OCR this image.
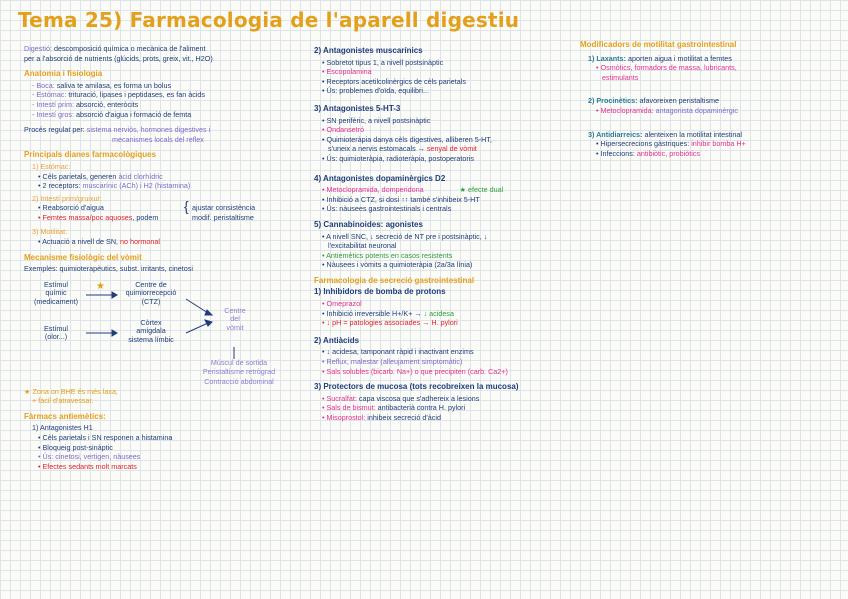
Tema 25) Farmacologia de l'aparell digestiu
Digestió: descomposició química o mecànica de l'aliment
per a l'absorció de nutrients (glúcids, prots, greix, vit., H2O)
Anatomia i fisiologia
- Boca: saliva te amilasa, es forma un bolus
- Estómac: trituració, lipases i peptidases, es fan àcids
- Intestí prim: absorció, enteròcits
- Intestí gros: absorció d'aigua i formació de femta
Procés regulat per: sistema nerviós, hormones digestives i
mecanismes locals del reflex
Principals dianes farmacològiques
1) Estómac:
• Cèls parietals, generen àcid clorhídric
• 2 receptors: muscarínic (ACh) i H2 (histamina)
2) Intestí prim/gruixut:
• Reabsorció d'aigua
• Femtes massa/poc aquoses, podem
ajustar consistència
modif. peristaltisme
{
3) Motilitat:
• Actuació a nivell de SN, no hormonal
Mecanisme fisiològic del vòmit
Exemples: quimioterapèutics, subst. irritants, cinetosi
★
Estímul
químic
(medicament)
Centre de
quimiorrecepció
(CTZ)
Estímul
(olor...)
Còrtex
amígdala
sistema límbic
Centre
del
vòmit
Múscul de sortida
Peristaltisme retrògrad
Contracció abdominal
★ Zona on BHE és més laxa,
+ fàcil d'atravessar.
Fàrmacs antiemètics:
1) Antagonistes H1
• Cèls parietals i SN responen a histamina
• Bloqueig post-sinàptic
• Ús: cinetosi, vertigen, nàusees
• Efectes sedants molt marcats
2) Antagonistes muscarínics
• Sobretot tipus 1, a nivell postsinàptic
• Escopolamina
• Receptors acetilcolinèrgics de cèls parietals
• Ús: problemes d'oïda, equilibri...
3) Antagonistes 5-HT-3
• SN perifèric, a nivell postsinàptic
• Ondansetró
• Quimioteràpia danya cèls digestives, alliberen 5-HT,
s'uneix a nervis estomacals → senyal de vòmit
• Ús: quimioteràpia, radioteràpia, postoperatoris
4) Antagonistes dopaminèrgics D2
• Metoclopramida, domperidona	★ efecte dual
• Inhibició a CTZ, si dosi ↑↑ també s'inhibeix 5-HT
• Ús: nàusees gastrointestinals i centrals
5) Cannabinoides: agonistes
• A nivell SNC, ↓ secreció de NT pre i postsinàptic, ↓
l'excitabilitat neuronal
• Antiemètics potents en casos resistents
• Nàusees i vòmits a quimioteràpia (2a/3a línia)
Farmacologia de secreció gastrointestinal
1) Inhibidors de bomba de protons
• Omeprazol
• Inhibició irreversible H+/K+ → ↓ acidesa
• ↓ pH = patologies associades → H. pylori
2) Antiàcids
• ↓ acidesa, tamponant ràpid i inactivant enzims
• Reflux, malestar (alleujament simptomàtic)
• Sals solubles (bicarb. Na+) o que precipiten (carb. Ca2+)
3) Protectors de mucosa (tots recobreixen la mucosa)
• Sucralfat: capa viscosa que s'adhereix a lesions
• Sals de bismut: antibacterià contra H. pylori
• Misoprostol: inhibeix secreció d'àcid
Modificadors de motilitat gastrointestinal
1) Laxants: aporten aigua i motilitat a femtes
• Osmòtics, formadors de massa, lubricants,
estimulants
2) Procinètics: afavoreixen peristaltisme
• Metoclopramida: antagonista dopaminèrgic
3) Antidiarreics: alenteixen la motilitat intestinal
• Hipersecrecions gàstriques: inhibir bomba H+
• Infeccions: antibiòtic, probiòtics
